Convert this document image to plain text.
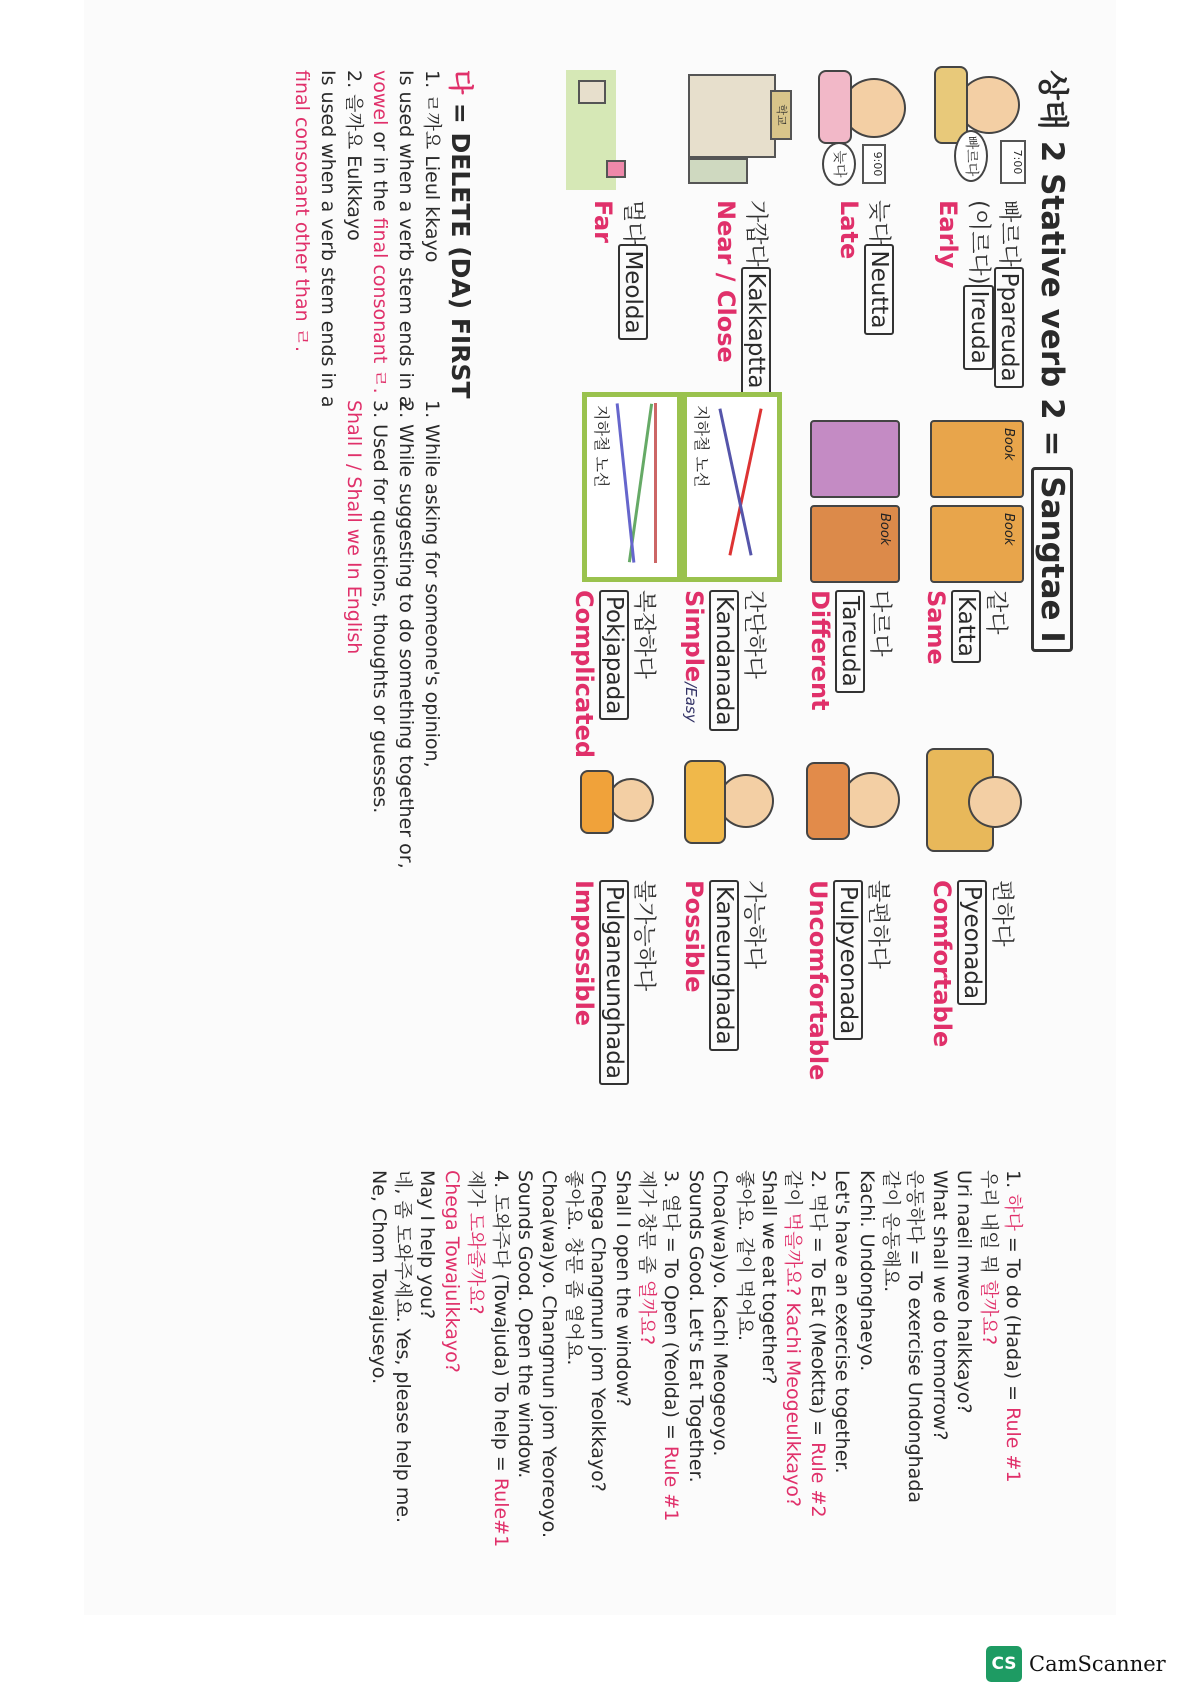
상태 2 Stative verb 2 = Sangtae I
7:00
빠르다
9:00
늦다
학교
빠르다Ppareuda
(이르다)Ireuda
Early
늦다Neutta
Late
가깝다Kakkaptta
Near / Close
멀다Meolda
Far
Book
Book
Book
지하철 노선
지하철 노선
같다
Katta
Same
다르다
Tareuda
Different
간단하다
Kandanada
Simple/Easy
복잡하다
Pokjapada
Complicated
편하다
Pyeonada
Comfortable
불편하다
Pulpyeonada
Uncomfortable
가능하다
Kaneunghada
Possible
불가능하다
Pulganeunghada
Impossible
다 = DELETE (DA) FIRST
1. ㄹ까요 Lieul kkayo
Is used when a verb stem ends in a
vowel or in the final consonant ㄹ.
2. 을까요 Eulkkayo
Is used when a verb stem ends in a
final consonant other than ㄹ.
1. While asking for someone's opinion,
2. While suggesting to do something together or,
3. Used for questions, thoughts or guesses.
Shall I / Shall we In English
1. 하다 = To do (Hada) = Rule #1
우리 내일 뭐 할까요?
Uri naeil mweo halkkayo?
What shall we do tomorrow?
운동하다 = To exercise Undonghada
같이 운동해요.
Kachi. Undonghaeyo.
Let's have an exercise together.
2. 먹다 = To Eat (Meoktta) = Rule #2
같이 먹을까요? Kachi Meogeulkkayo?
Shall we eat together?
좋아요. 같이 먹어요.
Choa(wa)yo. Kachi Meogeoyo.
Sounds Good. Let's Eat Together.
3. 열다 = To Open (Yeolda) = Rule #1
제가 창문 좀 열까요?
Shall I open the window?
Chega Changmun jom Yeolkkayo?
좋아요. 창문 좀 열어요.
Choa(wa)yo. Changmun jom Yeoreoyo.
Sounds Good. Open the window.
4. 도와주다 (Towajuda) To help = Rule#1
제가 도와줄까요?
Chega Towajulkkayo?
May I help you?
네, 좀 도와주세요. Yes, please help me.
Ne, Chom Towajuseyo.
CS CamScanner
